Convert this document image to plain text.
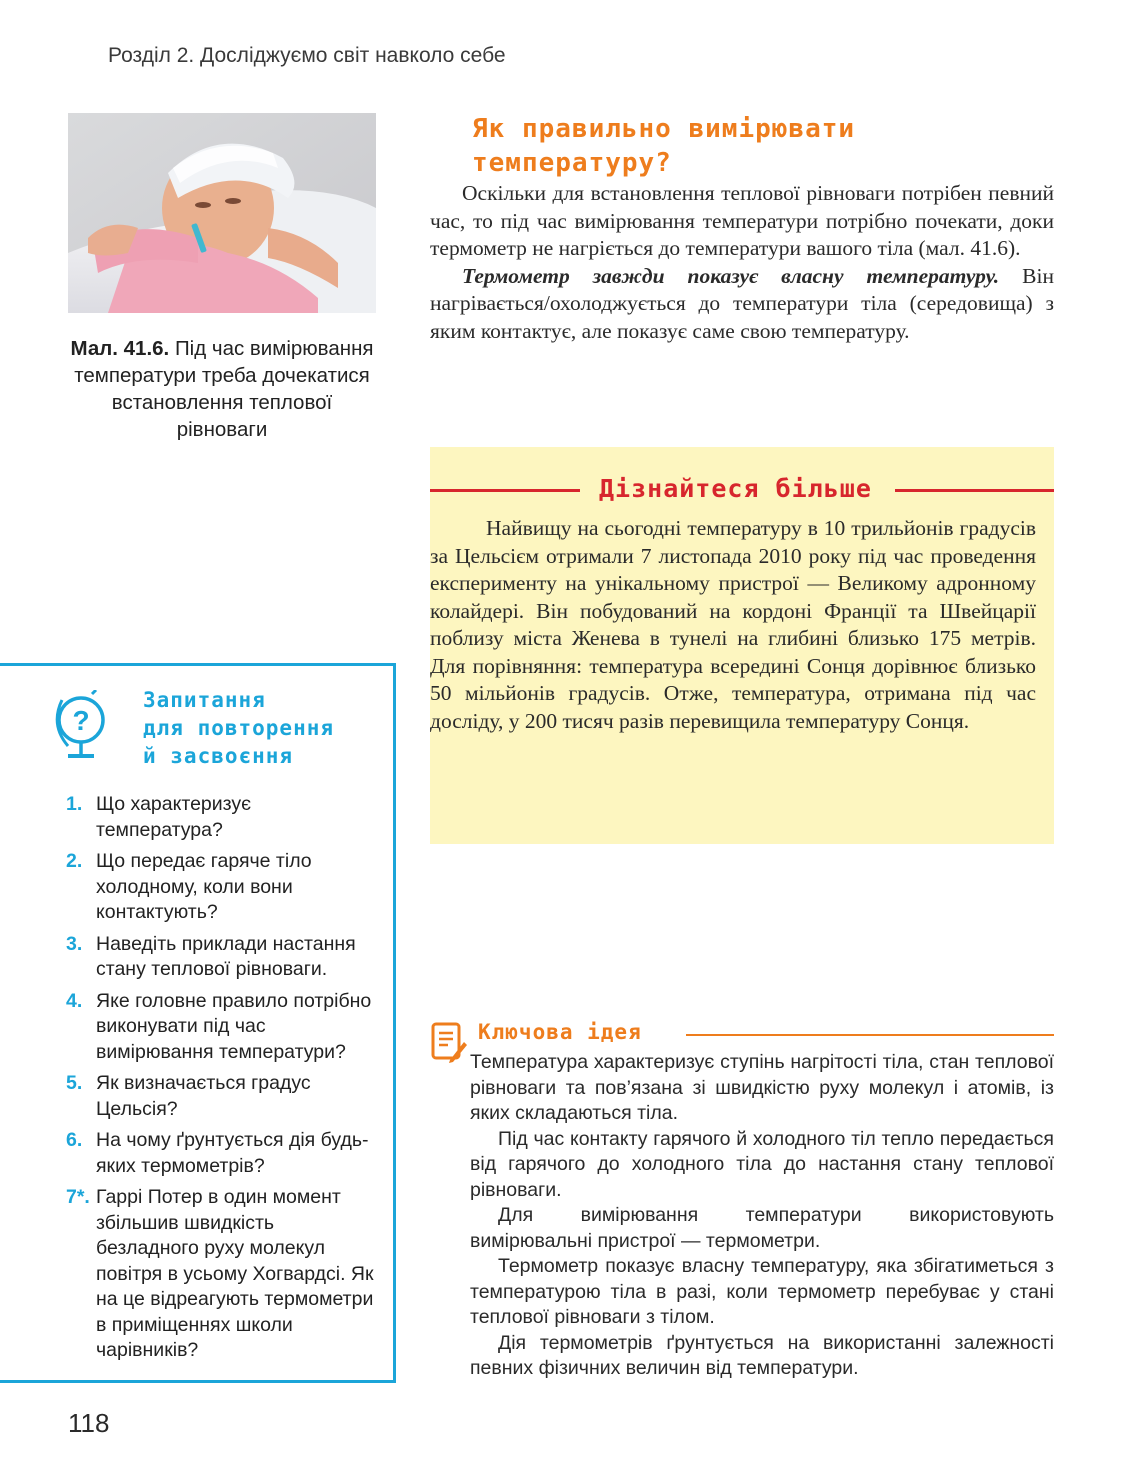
Розділ 2. Досліджуємо світ навколо себе
Мал. 41.6. Під час вимірювання температури треба дочекатися встановлення теплової рівноваги
Як правильно вимірювати температуру?

Оскільки для встановлення теплової рівноваги потрібен певний час, то під час вимірювання температури потрібно почекати, доки термометр не нагріється до температури вашого тіла (мал. 41.6).

Термометр завжди показує власну температуру. Він нагрівається/охолоджується до температури тіла (середовища) з яким контактує, але показує саме свою температуру.

Дізнайтеся більше

Найвищу на сьогодні температуру в 10 трильйонів градусів за Цельсієм отримали 7 листопада 2010 року під час проведення експерименту на унікальному пристрої — Великому адронному колайдері. Він побудований на кордоні Франції та Швейцарії поблизу міста Женева в тунелі на глибині близько 175 метрів. Для порівняння: температура всередині Сонця дорівнює близько 50 мільйонів градусів. Отже, температура, отримана під час досліду, у 200 тисяч разів перевищила температуру Сонця.

?
Запитання
для повторення
й засвоєння
1. Що характеризує температура?
2. Що передає гаряче тіло холодному, коли вони контактують?
3. Наведіть приклади настання стану теплової рівноваги.
4. Яке головне правило потрібно виконувати під час вимірювання температури?
5. Як визначається градус Цельсія?
6. На чому ґрунтується дія будь-яких термометрів?
7*. Гаррі Потер в один момент збільшив швидкість безладного руху молекул повітря в усьому Хогвардсі. Як на це відреагують термометри в приміщеннях школи чарівників?
Ключова ідея

Температура характеризує ступінь нагрітості тіла, стан теплової рівноваги та пов’язана зі швидкістю руху молекул і атомів, із яких складаються тіла.

Під час контакту гарячого й холодного тіл тепло передається від гарячого до холодного тіла до настання стану теплової рівноваги.

Для вимірювання температури використовують вимірювальні пристрої — термометри.

Термометр показує власну температуру, яка збігатиметься з температурою тіла в разі, коли термометр перебуває у стані теплової рівноваги з тілом.

Дія термометрів ґрунтується на використанні залежності певних фізичних величин від температури.

118
